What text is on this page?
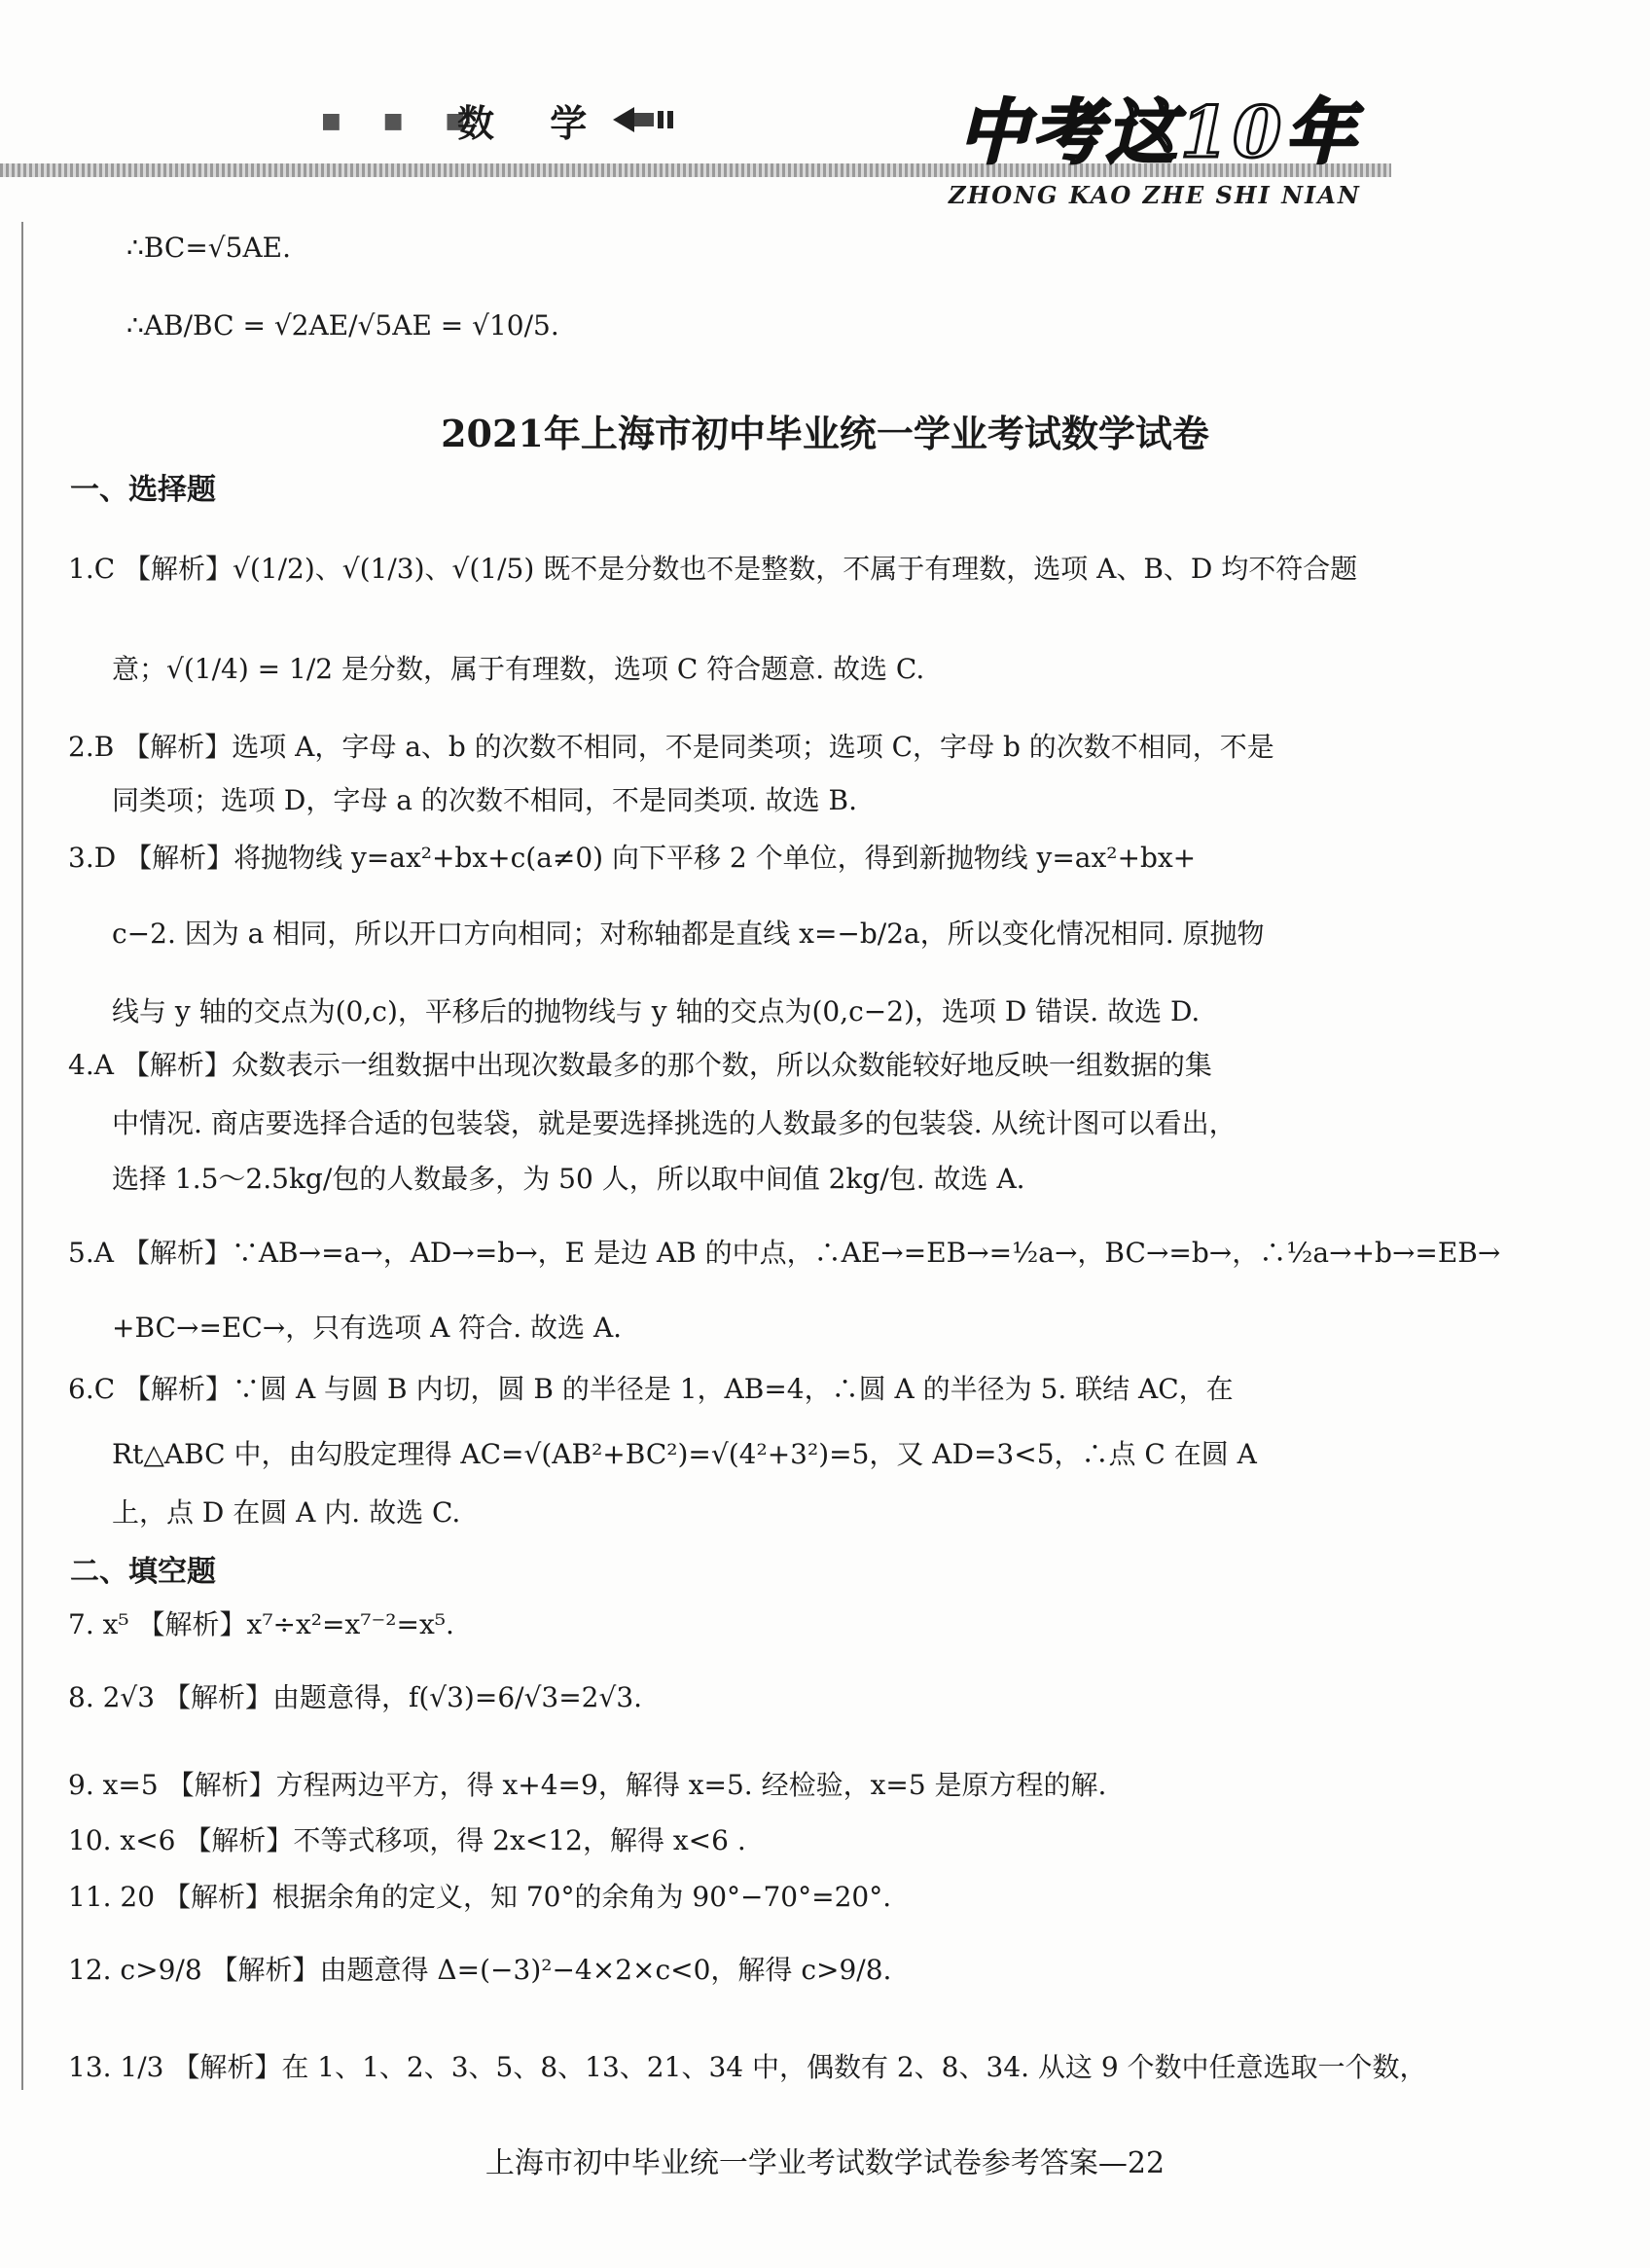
■ ■ ■
数 学	中考这10年
ZHONG KAO ZHE SHI NIAN
∴BC=√5AE.
∴AB/BC = √2AE/√5AE = √10/5.
2021年上海市初中毕业统一学业考试数学试卷
一、选择题
1.C 【解析】√(1/2)、√(1/3)、√(1/5) 既不是分数也不是整数，不属于有理数，选项 A、B、D 均不符合题
意；√(1/4) = 1/2 是分数，属于有理数，选项 C 符合题意. 故选 C.
2.B 【解析】选项 A，字母 a、b 的次数不相同，不是同类项；选项 C，字母 b 的次数不相同，不是
同类项；选项 D，字母 a 的次数不相同，不是同类项. 故选 B.
3.D 【解析】将抛物线 y=ax²+bx+c(a≠0) 向下平移 2 个单位，得到新抛物线 y=ax²+bx+
c−2. 因为 a 相同，所以开口方向相同；对称轴都是直线 x=−b/2a，所以变化情况相同. 原抛物
线与 y 轴的交点为(0,c)，平移后的抛物线与 y 轴的交点为(0,c−2)，选项 D 错误. 故选 D.
4.A 【解析】众数表示一组数据中出现次数最多的那个数，所以众数能较好地反映一组数据的集
中情况. 商店要选择合适的包装袋，就是要选择挑选的人数最多的包装袋. 从统计图可以看出，
选择 1.5～2.5kg/包的人数最多，为 50 人，所以取中间值 2kg/包. 故选 A.
5.A 【解析】∵AB→=a→，AD→=b→，E 是边 AB 的中点，∴AE→=EB→=½a→，BC→=b→，∴½a→+b→=EB→
+BC→=EC→，只有选项 A 符合. 故选 A.
6.C 【解析】∵圆 A 与圆 B 内切，圆 B 的半径是 1，AB=4，∴圆 A 的半径为 5. 联结 AC，在
Rt△ABC 中，由勾股定理得 AC=√(AB²+BC²)=√(4²+3²)=5，又 AD=3<5，∴点 C 在圆 A
上，点 D 在圆 A 内. 故选 C.
二、填空题
7. x⁵ 【解析】x⁷÷x²=x⁷⁻²=x⁵.
8. 2√3 【解析】由题意得，f(√3)=6/√3=2√3.
9. x=5 【解析】方程两边平方，得 x+4=9，解得 x=5. 经检验，x=5 是原方程的解.
10. x<6 【解析】不等式移项，得 2x<12，解得 x<6 .
11. 20 【解析】根据余角的定义，知 70°的余角为 90°−70°=20°.
12. c>9/8 【解析】由题意得 Δ=(−3)²−4×2×c<0，解得 c>9/8.
13. 1/3 【解析】在 1、1、2、3、5、8、13、21、34 中，偶数有 2、8、34. 从这 9 个数中任意选取一个数，
上海市初中毕业统一学业考试数学试卷参考答案—22
